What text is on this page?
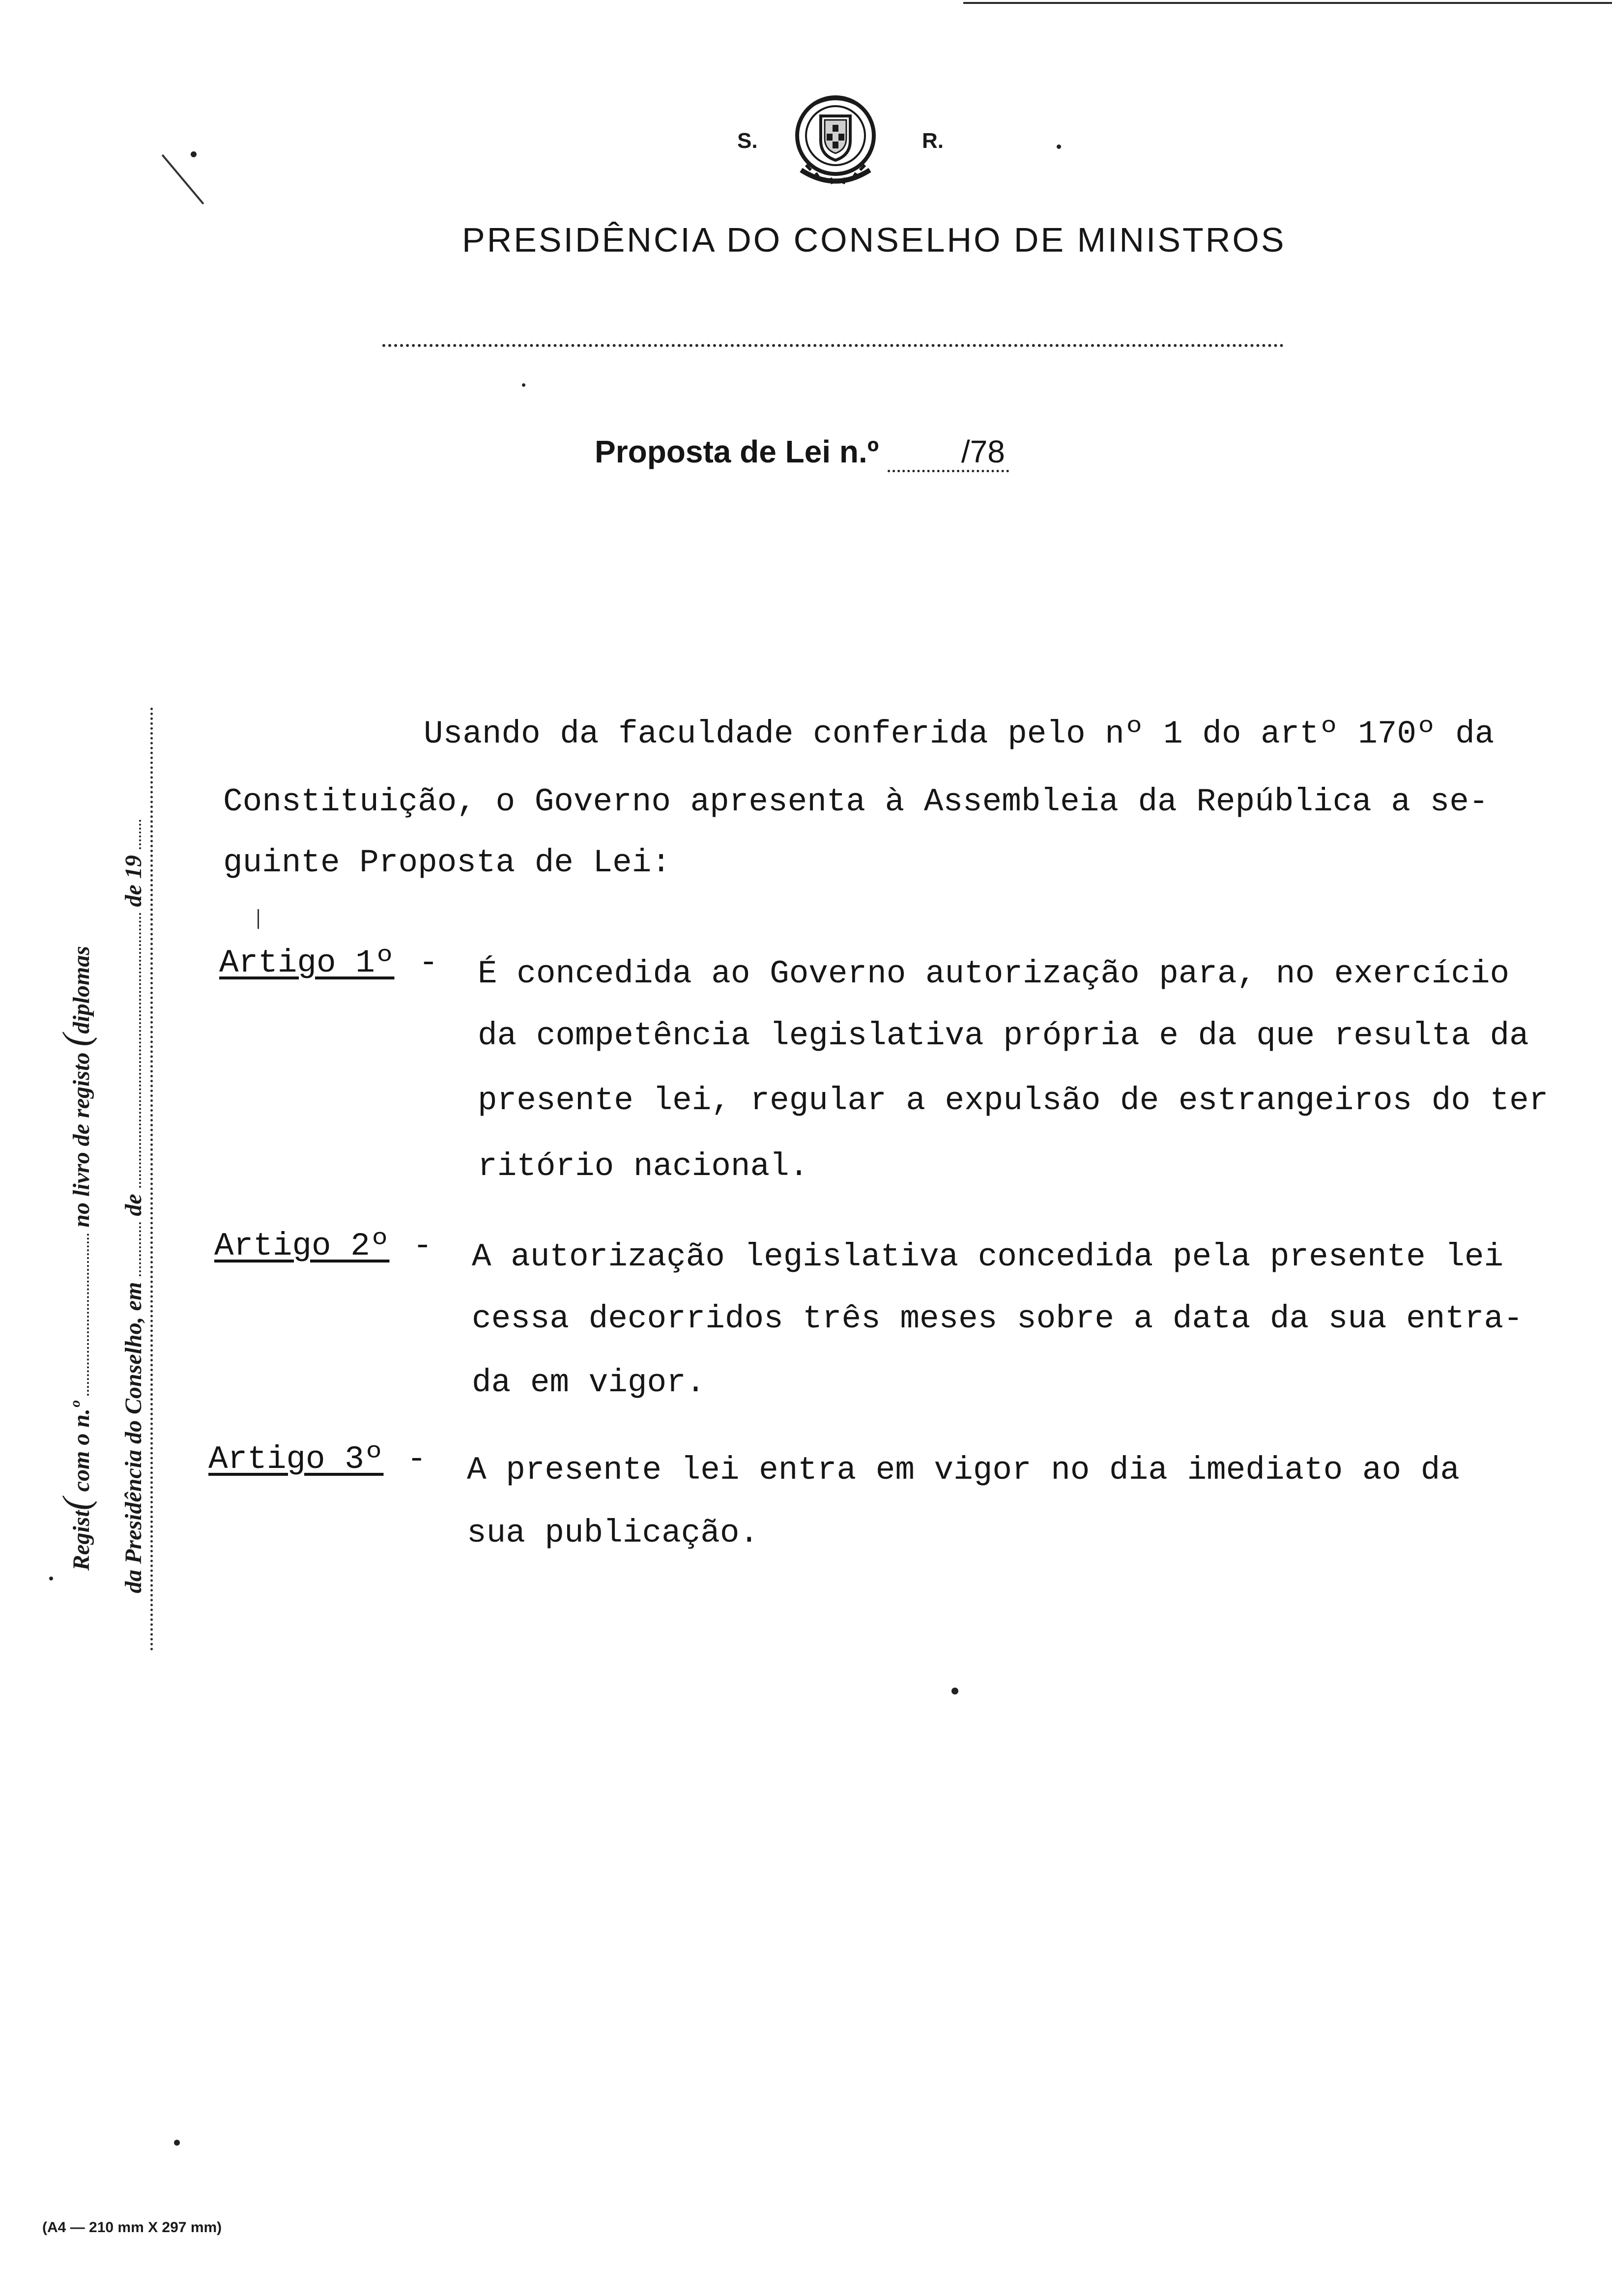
S.	R.
PRESIDÊNCIA DO CONSELHO DE MINISTROS
Proposta de Lei n.º	/78
Usando da faculdade conferida pelo nº 1 do artº 170º da
Constituição, o Governo apresenta à Assembleia da República a se-
guinte Proposta de Lei:
Artigo 1º - É concedida ao Governo autorização para, no exercício
da competência legislativa própria e da que resulta da
presente lei, regular a expulsão de estrangeiros do ter
ritório nacional.
Artigo 2º - A autorização legislativa concedida pela presente lei
cessa decorridos três meses sobre a data da sua entra-
da em vigor.
Artigo 3º - A presente lei entra em vigor no dia imediato ao da
sua publicação.
Regist( com o n.º  no livro de registo (diplomas
da Presidência do Conselho, em  de  de 19
(A4 — 210 mm X 297 mm)
